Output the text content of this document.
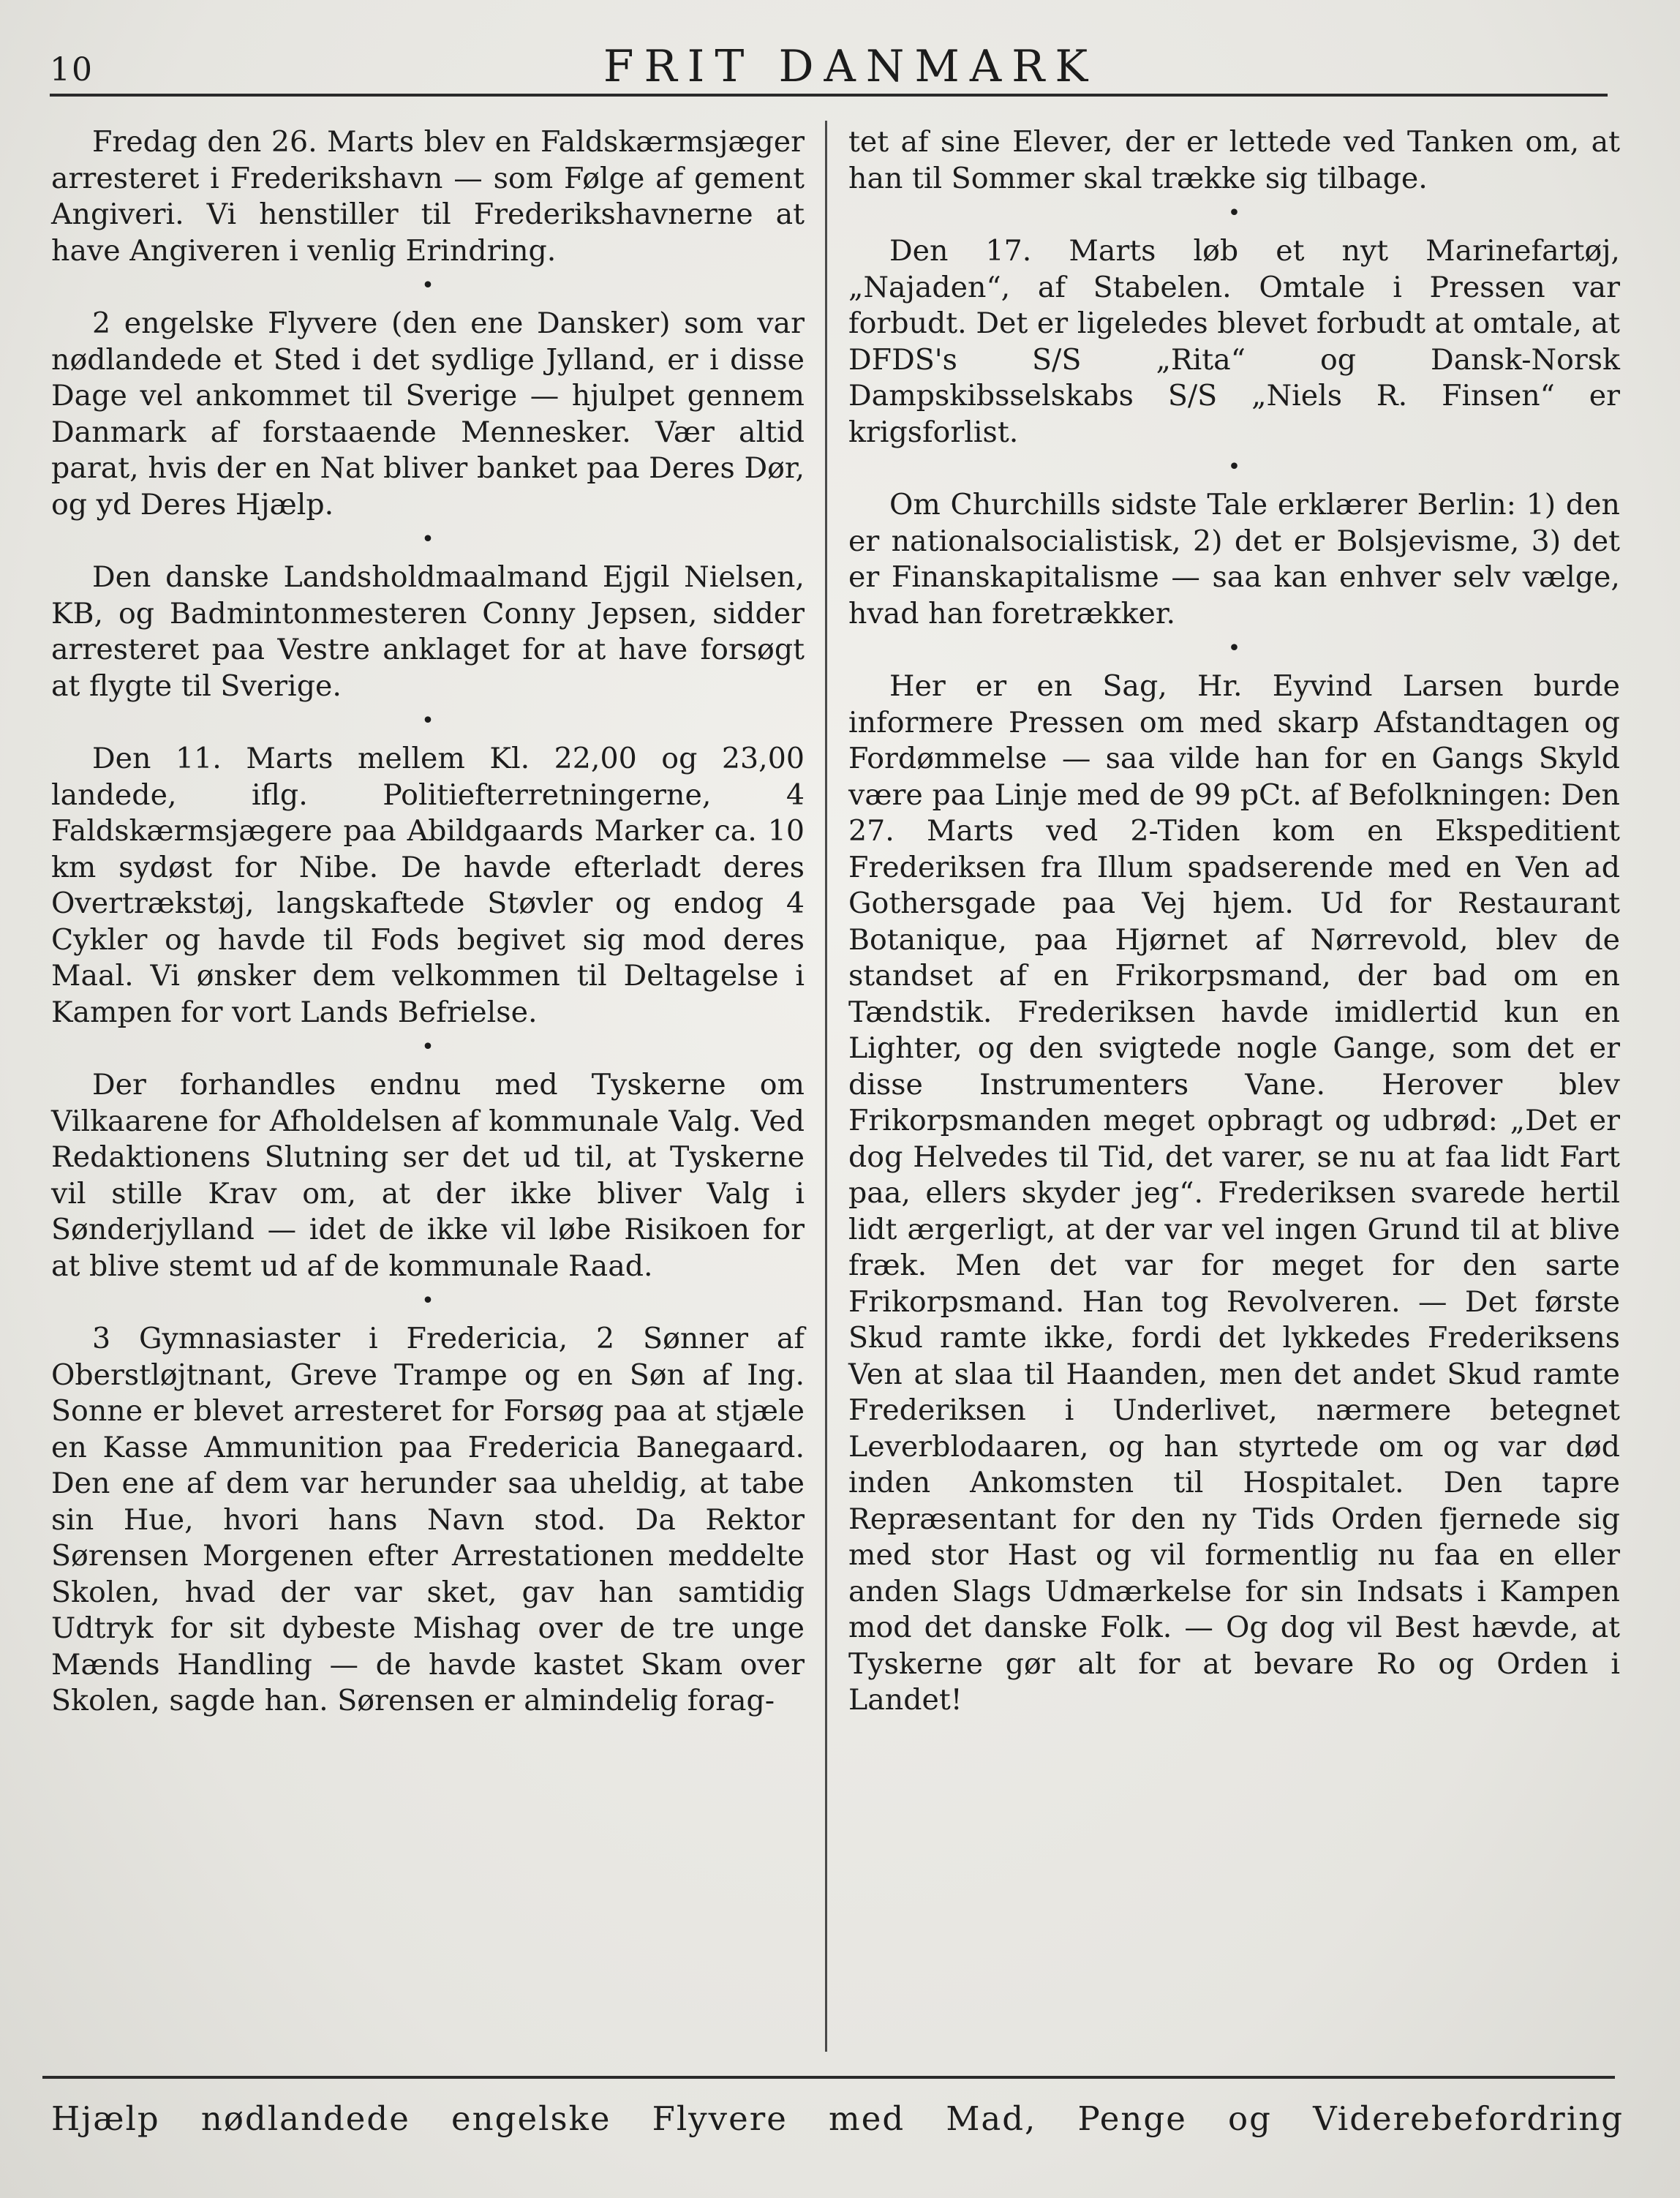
10	FRIT DANMARK

Fredag den 26. Marts blev en Faldskærmsjæger arresteret i Frederikshavn — som Følge af gement Angiveri. Vi henstiller til Frederikshavnerne at have Angiveren i venlig Erindring.

•

2 engelske Flyvere (den ene Dansker) som var nødlandede et Sted i det sydlige Jylland, er i disse Dage vel ankommet til Sverige — hjulpet gennem Danmark af forstaaende Mennesker. Vær altid parat, hvis der en Nat bliver banket paa Deres Dør, og yd Deres Hjælp.

•

Den danske Landsholdmaalmand Ejgil Nielsen, KB, og Badmintonmesteren Conny Jepsen, sidder arresteret paa Vestre anklaget for at have forsøgt at flygte til Sverige.

•

Den 11. Marts mellem Kl. 22,00 og 23,00 landede, iflg. Politiefterretningerne, 4 Faldskærmsjægere paa Abildgaards Marker ca. 10 km sydøst for Nibe. De havde efterladt deres Overtrækstøj, langskaftede Støvler og endog 4 Cykler og havde til Fods begivet sig mod deres Maal. Vi ønsker dem velkommen til Deltagelse i Kampen for vort Lands Befrielse.

•

Der forhandles endnu med Tyskerne om Vilkaarene for Afholdelsen af kommunale Valg. Ved Redaktionens Slutning ser det ud til, at Tyskerne vil stille Krav om, at der ikke bliver Valg i Sønderjylland — idet de ikke vil løbe Risikoen for at blive stemt ud af de kommunale Raad.

•

3 Gymnasiaster i Fredericia, 2 Sønner af Oberstløjtnant, Greve Trampe og en Søn af Ing. Sonne er blevet arresteret for Forsøg paa at stjæle en Kasse Ammunition paa Fredericia Banegaard. Den ene af dem var herunder saa uheldig, at tabe sin Hue, hvori hans Navn stod. Da Rektor Sørensen Morgenen efter Arrestationen meddelte Skolen, hvad der var sket, gav han samtidig Udtryk for sit dybeste Mishag over de tre unge Mænds Handling — de havde kastet Skam over Skolen, sagde han. Sørensen er almindelig forag-

tet af sine Elever, der er lettede ved Tanken om, at han til Sommer skal trække sig tilbage.

•

Den 17. Marts løb et nyt Marinefartøj, „Najaden“, af Stabelen. Omtale i Pressen var forbudt. Det er ligeledes blevet forbudt at omtale, at DFDS's S/S „Rita“ og Dansk-Norsk Dampskibsselskabs S/S „Niels R. Finsen“ er krigsforlist.

•

Om Churchills sidste Tale erklærer Berlin: 1) den er nationalsocialistisk, 2) det er Bolsjevisme, 3) det er Finanskapitalisme — saa kan enhver selv vælge, hvad han foretrækker.

•

Her er en Sag, Hr. Eyvind Larsen burde informere Pressen om med skarp Afstandtagen og Fordømmelse — saa vilde han for en Gangs Skyld være paa Linje med de 99 pCt. af Befolkningen: Den 27. Marts ved 2-Tiden kom en Ekspeditient Frederiksen fra Illum spadserende med en Ven ad Gothersgade paa Vej hjem. Ud for Restaurant Botanique, paa Hjørnet af Nørrevold, blev de standset af en Frikorpsmand, der bad om en Tændstik. Frederiksen havde imidlertid kun en Lighter, og den svigtede nogle Gange, som det er disse Instrumenters Vane. Herover blev Frikorpsmanden meget opbragt og udbrød: „Det er dog Helvedes til Tid, det varer, se nu at faa lidt Fart paa, ellers skyder jeg“. Frederiksen svarede hertil lidt ærgerligt, at der var vel ingen Grund til at blive fræk. Men det var for meget for den sarte Frikorpsmand. Han tog Revolveren. — Det første Skud ramte ikke, fordi det lykkedes Frederiksens Ven at slaa til Haanden, men det andet Skud ramte Frederiksen i Underlivet, nærmere betegnet Leverblodaaren, og han styrtede om og var død inden Ankomsten til Hospitalet. Den tapre Repræsentant for den ny Tids Orden fjernede sig med stor Hast og vil formentlig nu faa en eller anden Slags Udmærkelse for sin Indsats i Kampen mod det danske Folk. — Og dog vil Best hævde, at Tyskerne gør alt for at bevare Ro og Orden i Landet!

Hjælp nødlandede engelske Flyvere med Mad, Penge og Viderebefordring
